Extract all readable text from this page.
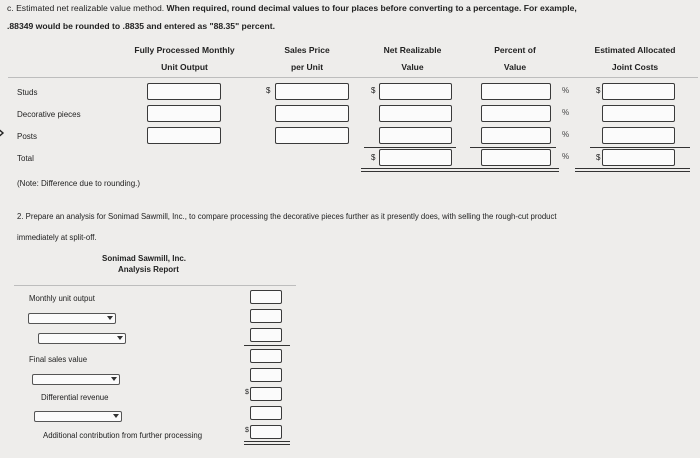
c. Estimated net realizable value method. When required, round decimal values to four places before converting to a percentage. For example,
.88349 would be rounded to .8835 and entered as "88.35" percent.
Fully Processed Monthly
Unit Output
Sales Price
per Unit
Net Realizable
Value
Percent of
Value
Estimated Allocated
Joint Costs
Studs
Decorative pieces
Posts
Total
$	$
$
%
%
%
%
$
$
(Note: Difference due to rounding.)
2. Prepare an analysis for Sonimad Sawmill, Inc., to compare processing the decorative pieces further as it presently does, with selling the rough-cut product
immediately at split-off.
Sonimad Sawmill, Inc.
Analysis Report
Monthly unit output
Final sales value
Differential revenue
Additional contribution from further processing
$
$
